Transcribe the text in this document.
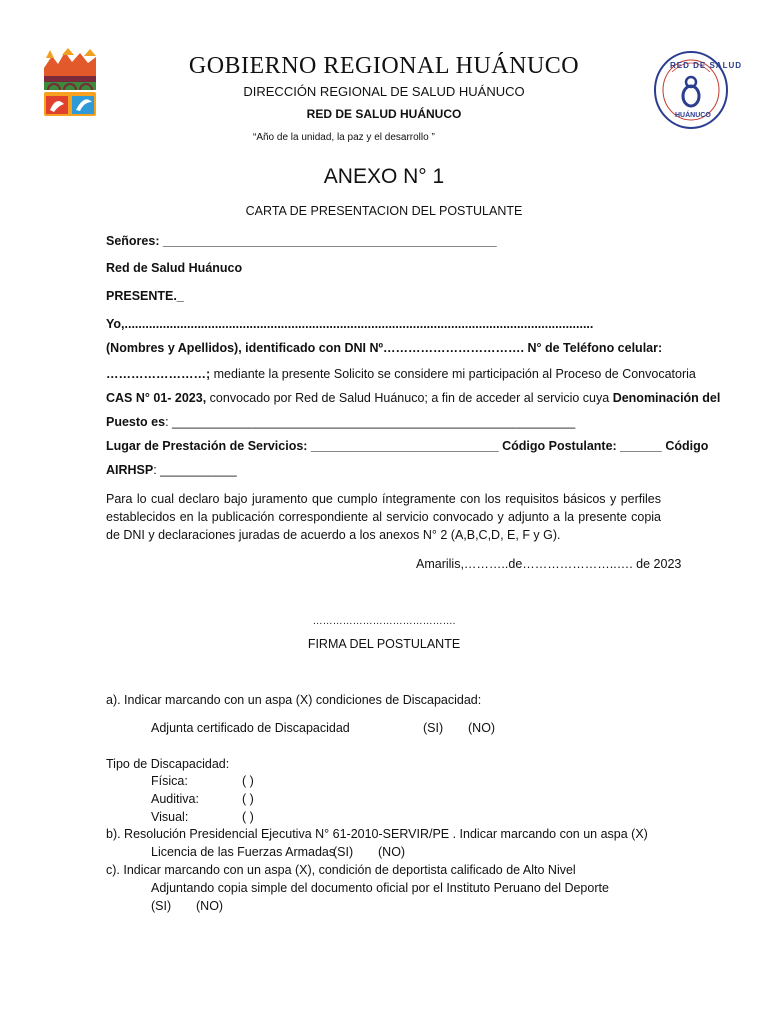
RED DE SALUD
HUÁNUCO
GOBIERNO REGIONAL HUÁNUCO
DIRECCIÓN REGIONAL DE SALUD HUÁNUCO
RED DE SALUD HUÁNUCO
“Año de la unidad, la paz y el desarrollo ”
ANEXO N° 1
CARTA DE PRESENTACION DEL POSTULANTE
Señores: ________________________________________________
Red de Salud Huánuco
PRESENTE._
Yo,.......................................................................................................................................
(Nombres y Apellidos), identificado con DNI Nº……………………………. N° de Teléfono celular:
……………………; mediante la presente Solicito se considere mi participación al Proceso de Convocatoria
CAS N° 01- 2023, convocado por Red de Salud Huánuco; a fin de acceder al servicio cuya Denominación del
Puesto es: __________________________________________________________
Lugar de Prestación de Servicios: ___________________________ Código Postulante: ______ Código
AIRHSP: ___________
Para lo cual declaro bajo juramento que cumplo íntegramente con los requisitos básicos y perfiles establecidos en la publicación correspondiente al servicio convocado y adjunto a la presente copia de DNI y declaraciones juradas de acuerdo a los anexos N° 2 (A,B,C,D, E, F y G).
Amarilis,………..de…………………..…. de 2023
…………………………………….
FIRMA DEL POSTULANTE
a). Indicar marcando con un aspa (X) condiciones de Discapacidad:
Adjunta certificado de Discapacidad	(SI) (NO)
Tipo de Discapacidad:
Física:	( )
Auditiva:	( )
Visual:	( )
b). Resolución Presidencial Ejecutiva N° 61-2010-SERVIR/PE . Indicar marcando con un aspa (X)
Licencia de las Fuerzas Armadas
(SI) (NO)
c). Indicar marcando con un aspa (X), condición de deportista calificado de Alto Nivel
Adjuntando copia simple del documento oficial por el Instituto Peruano del Deporte
(SI) (NO)
